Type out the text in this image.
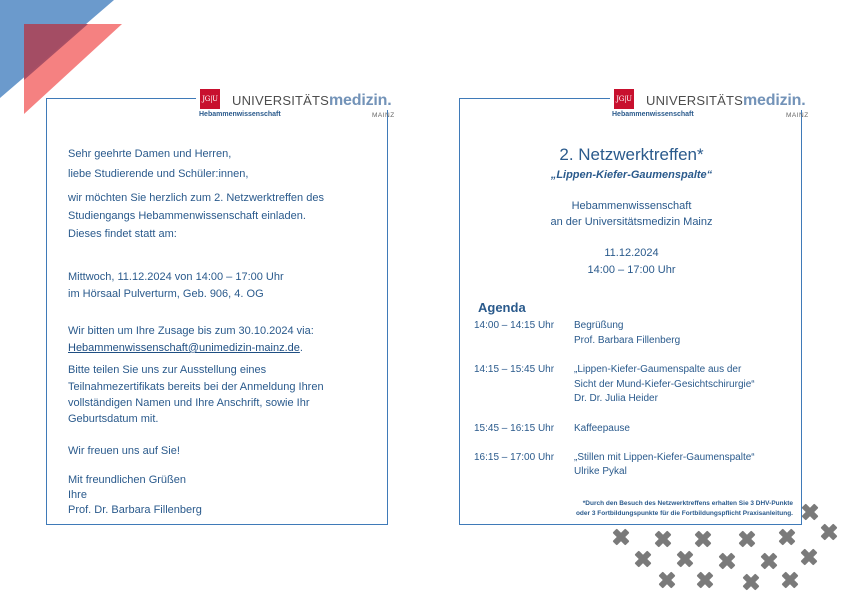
Sehr geehrte Damen und Herren,
liebe Studierende und Schüler:innen,
wir möchten Sie herzlich zum 2. Netzwerktreffen des
Studiengangs Hebammenwissenschaft einladen.
Dieses findet statt am:
Mittwoch, 11.12.2024 von 14:00 – 17:00 Uhr
im Hörsaal Pulverturm, Geb. 906, 4. OG
Wir bitten um Ihre Zusage bis zum 30.10.2024 via:
Hebammenwissenschaft@unimedizin-mainz.de.
Bitte teilen Sie uns zur Ausstellung eines
Teilnahmezertifikats bereits bei der Anmeldung Ihren
vollständigen Namen und Ihre Anschrift, sowie Ihr
Geburtsdatum mit.
Wir freuen uns auf Sie!
Mit freundlichen Grüßen
Ihre
Prof. Dr. Barbara Fillenberg
JG|U UNIVERSITÄTSmedizin.
Hebammenwissenschaft	MAINZ
2. Netzwerktreffen*
„Lippen-Kiefer-Gaumenspalte“
Hebammenwissenschaft
an der Universitätsmedizin Mainz
11.12.2024
14:00 – 17:00 Uhr
Agenda
14:00 – 14:15 Uhr Begrüßung
Prof. Barbara Fillenberg
14:15 – 15:45 Uhr „Lippen-Kiefer-Gaumenspalte aus der
Sicht der Mund-Kiefer-Gesichtschirurgie“
Dr. Dr. Julia Heider
15:45 – 16:15 Uhr Kaffeepause
16:15 – 17:00 Uhr „Stillen mit Lippen-Kiefer-Gaumenspalte“
Ulrike Pykal
*Durch den Besuch des Netzwerktreffens erhalten Sie 3 DHV-Punkte
oder 3 Fortbildungspunkte für die Fortbildungspflicht Praxisanleitung.
JG|U UNIVERSITÄTSmedizin.
Hebammenwissenschaft	MAINZ
